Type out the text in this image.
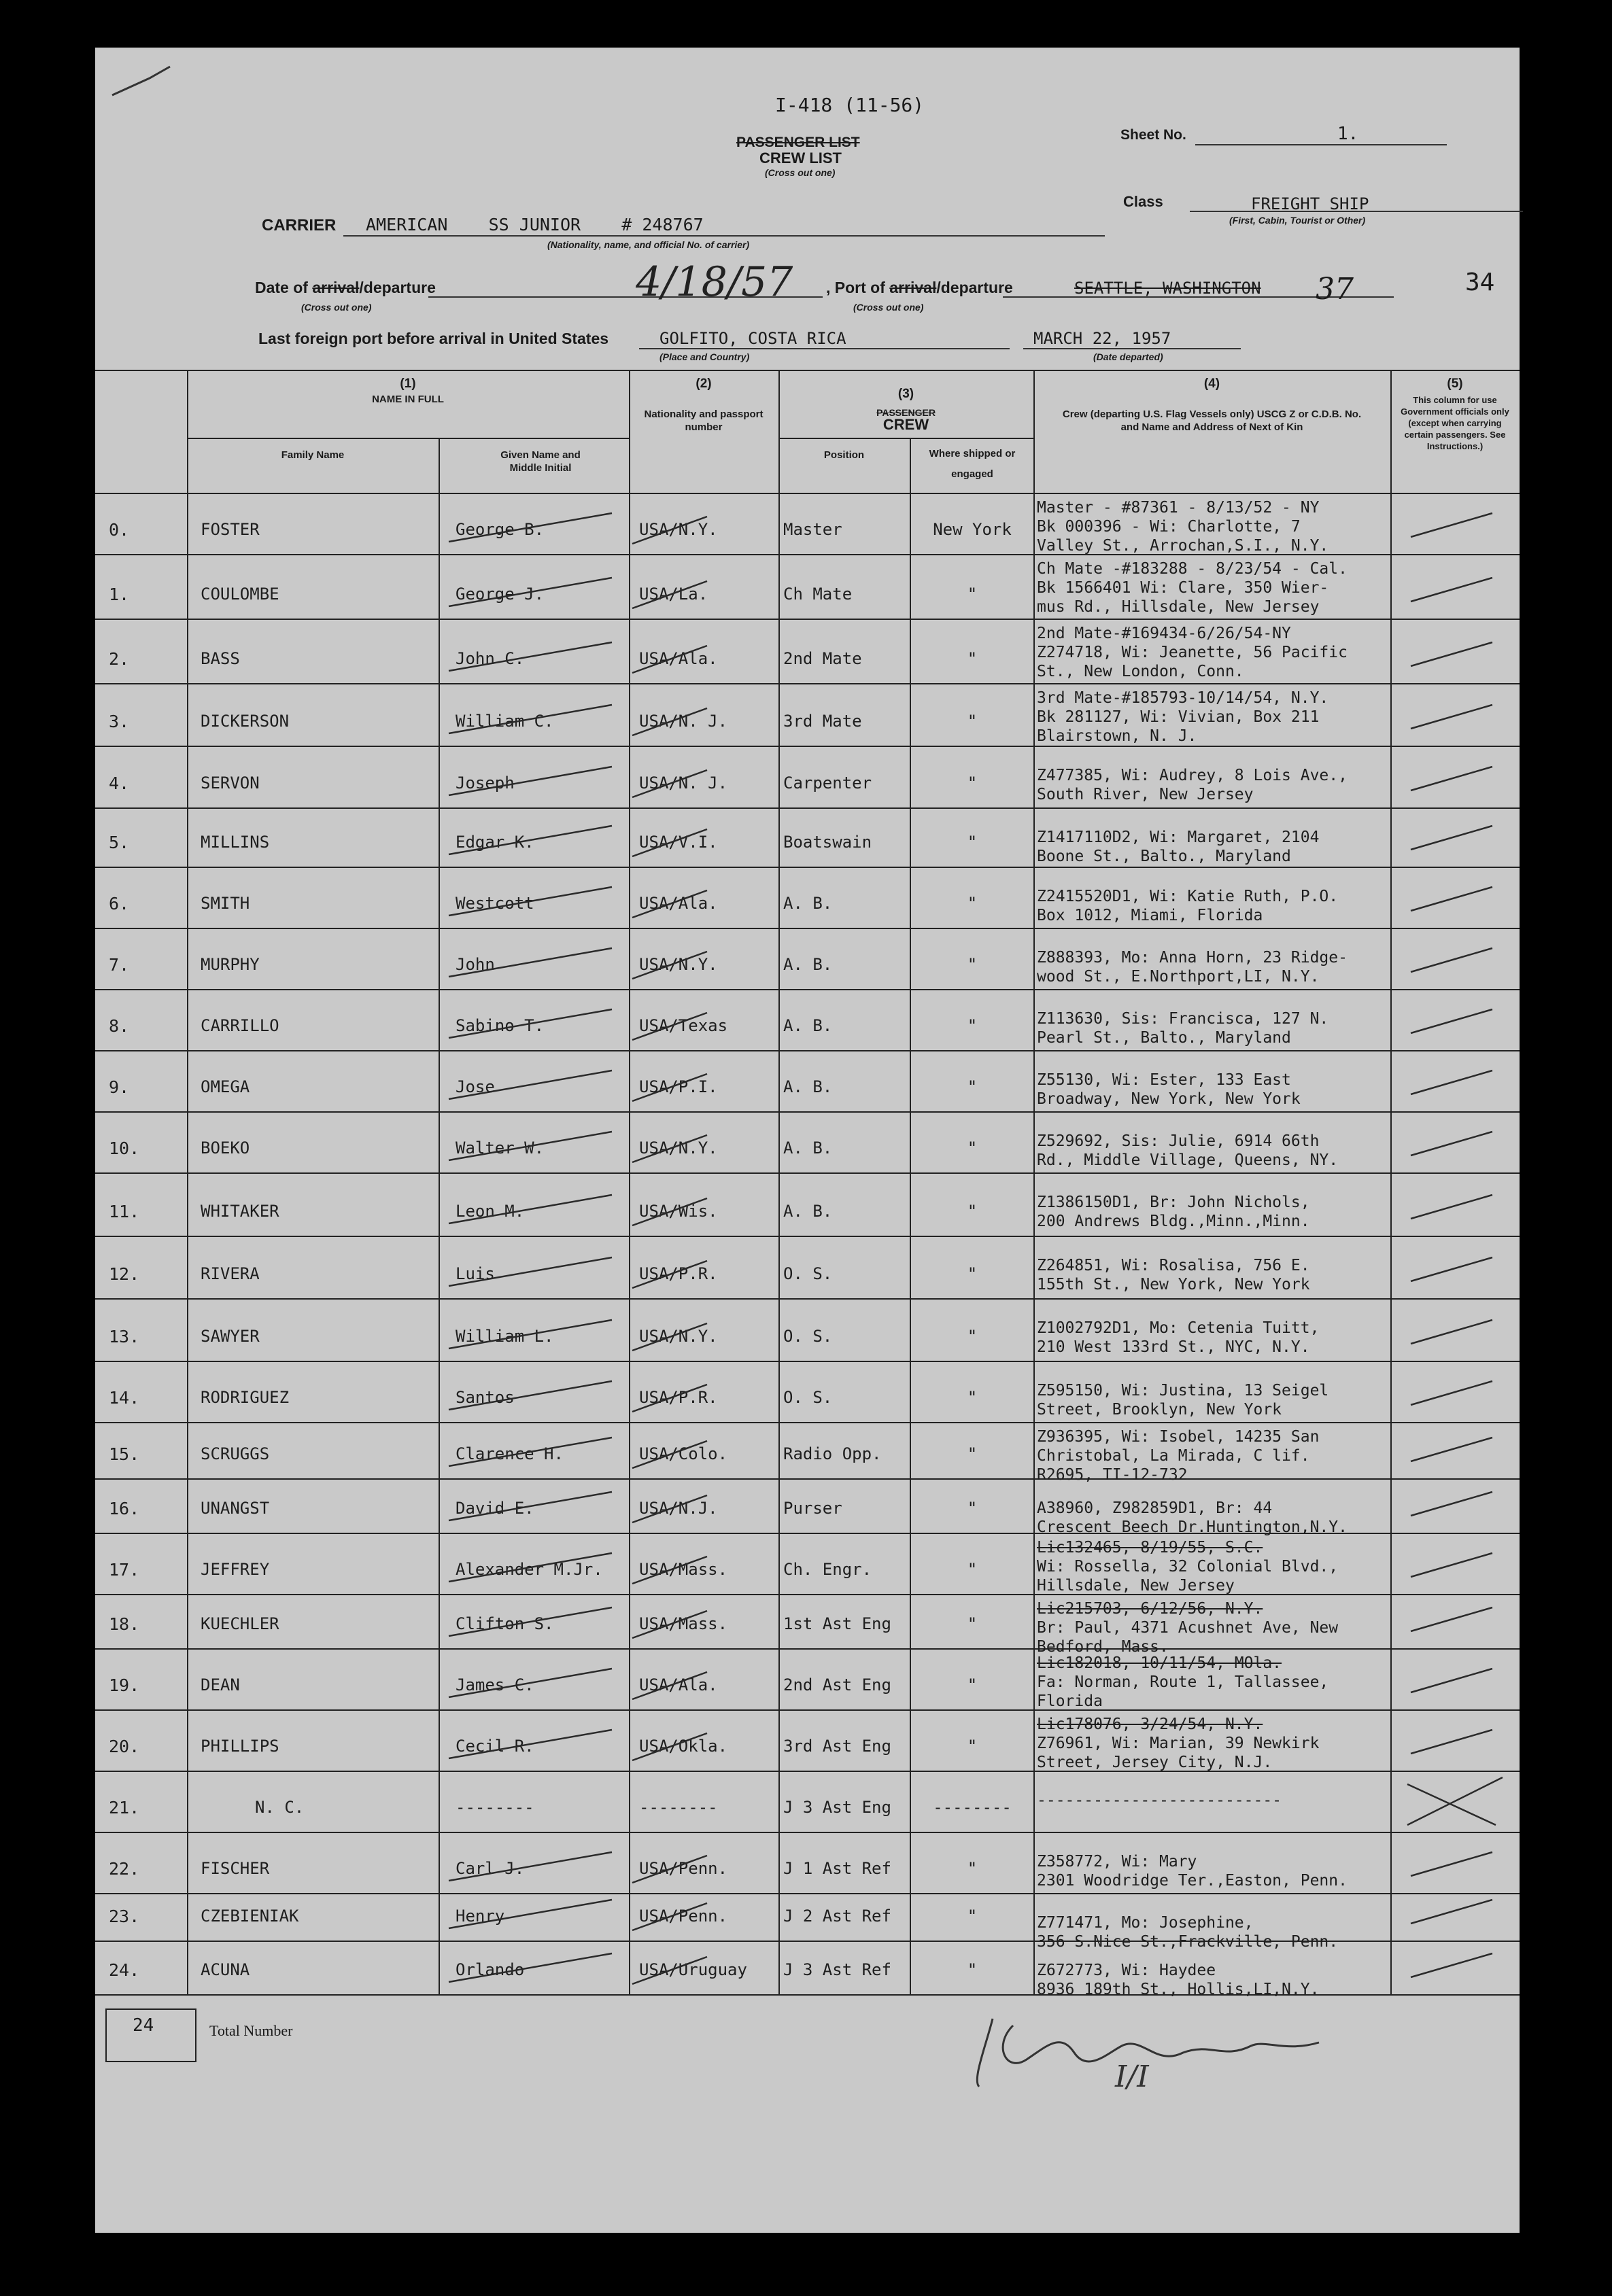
I-418 (11-56)
PASSENGER LIST
CREW LIST
(Cross out one)
Sheet No.	1.
Class	FREIGHT SHIP
(First, Cabin, Tourist or Other)
CARRIER AMERICAN    SS JUNIOR    # 248767
(Nationality, name, and official No. of carrier)
Date of arrival/departure
(Cross out one)
4/18/57 , Port of arrival/departure
(Cross out one)
SEATTLE, WASHINGTON 37	34
Last foreign port before arrival in United States	GOLFITO, COSTA RICA
(Place and Country)
MARCH 22, 1957
(Date departed)
(1)
NAME IN FULL
Family Name	Given Name and Middle Initial
(2)
Nationality and passport number
(3)
PASSENGER
CREW
Position	Where shipped or engaged
(4)
Crew (departing U.S. Flag Vessels only) USCG Z or C.D.B. No. and Name and Address of Next of Kin
(5)
This column for use Government officials only (except when carrying certain passengers. See Instructions.)
0.	FOSTER	George B.	USA/N.Y.	Master	New York
Master - #87361 - 8/13/52 - NY
Bk 000396 - Wi: Charlotte, 7
Valley St., Arrochan,S.I., N.Y.
1.	COULOMBE	George J.	USA/La.	Ch Mate	"
Ch Mate -#183288 - 8/23/54 - Cal.
Bk 1566401 Wi: Clare, 350 Wier-
mus Rd., Hillsdale, New Jersey
2.	BASS	John C.	USA/Ala.	2nd Mate	"
2nd Mate-#169434-6/26/54-NY
Z274718, Wi: Jeanette, 56 Pacific
St., New London, Conn.
3.	DICKERSON	William C.	USA/N. J.	3rd Mate	"
3rd Mate-#185793-10/14/54, N.Y.
Bk 281127, Wi: Vivian, Box 211
Blairstown, N. J.
4.	SERVON	Joseph	USA/N. J.	Carpenter	"	Z477385, Wi: Audrey, 8 Lois Ave.,
South River, New Jersey
5.	MILLINS	Edgar K.	USA/V.I.	Boatswain	"	Z1417110D2, Wi: Margaret, 2104
Boone St., Balto., Maryland
6.	SMITH	Westcott	USA/Ala.	A. B.	"	Z2415520D1, Wi: Katie Ruth, P.O.
Box 1012, Miami, Florida
7.	MURPHY	John	USA/N.Y.	A. B.	"	Z888393, Mo: Anna Horn, 23 Ridge-
wood St., E.Northport,LI, N.Y.
8.	CARRILLO	Sabino T.	USA/Texas	A. B.	"	Z113630, Sis: Francisca, 127 N.
Pearl St., Balto., Maryland
9.	OMEGA	Jose	USA/P.I.	A. B.	"	Z55130, Wi: Ester, 133 East
Broadway, New York, New York
10.	BOEKO	Walter W.	USA/N.Y.	A. B.	"	Z529692, Sis: Julie, 6914 66th
Rd., Middle Village, Queens, NY.
11.	WHITAKER	Leon M.	USA/Wis.	A. B.	"	Z1386150D1, Br: John Nichols,
200 Andrews Bldg.,Minn.,Minn.
12.	RIVERA	Luis	USA/P.R.	O. S.	"	Z264851, Wi: Rosalisa, 756 E.
155th St., New York, New York
13.	SAWYER	William L.	USA/N.Y.	O. S.	"	Z1002792D1, Mo: Cetenia Tuitt,
210 West 133rd St., NYC, N.Y.
14.	RODRIGUEZ	Santos	USA/P.R.	O. S.	"	Z595150, Wi: Justina, 13 Seigel
Street, Brooklyn, New York
15.	SCRUGGS	Clarence H.	USA/Colo.	Radio Opp.	"
Z936395, Wi: Isobel, 14235 San
Christobal, La Mirada, C lif.
R2695, TI-12-732
16.	UNANGST	David E.	USA/N.J.	Purser	"	A38960, Z982859D1, Br: 44
Crescent Beech Dr.Huntington,N.Y.
17.	JEFFREY	Alexander M.Jr. USA/Mass.	Ch. Engr.	"
Lic132465, 8/19/55, S.C.
Wi: Rossella, 32 Colonial Blvd.,
Hillsdale, New Jersey
18.	KUECHLER	Clifton S.	USA/Mass.	1st Ast Eng	"
Lic215703, 6/12/56, N.Y.
Br: Paul, 4371 Acushnet Ave, New
Bedford, Mass.
19.	DEAN	James C.	USA/Ala.	2nd Ast Eng	"
Lic182018, 10/11/54, MOla.
Fa: Norman, Route 1, Tallassee,
Florida
20.	PHILLIPS	Cecil R.	USA/Okla.	3rd Ast Eng	"
Lic178076, 3/24/54, N.Y.
Z76961, Wi: Marian, 39 Newkirk
Street, Jersey City, N.J.
21.	N. C.	--------	--------	J 3 Ast Eng	--------	--------------------------
22.	FISCHER	Carl J.	USA/Penn.	J 1 Ast Ref	"	Z358772, Wi: Mary
2301 Woodridge Ter.,Easton, Penn.
23.	CZEBIENIAK	Henry	USA/Penn.	J 2 Ast Ref	"	Z771471, Mo: Josephine,
356 S.Nice St.,Frackville, Penn.
24.	ACUNA	Orlando	USA/Uruguay J 3 Ast Ref	"	Z672773, Wi: Haydee
8936 189th St., Hollis,LI,N.Y.
24	Total Number
I/I
